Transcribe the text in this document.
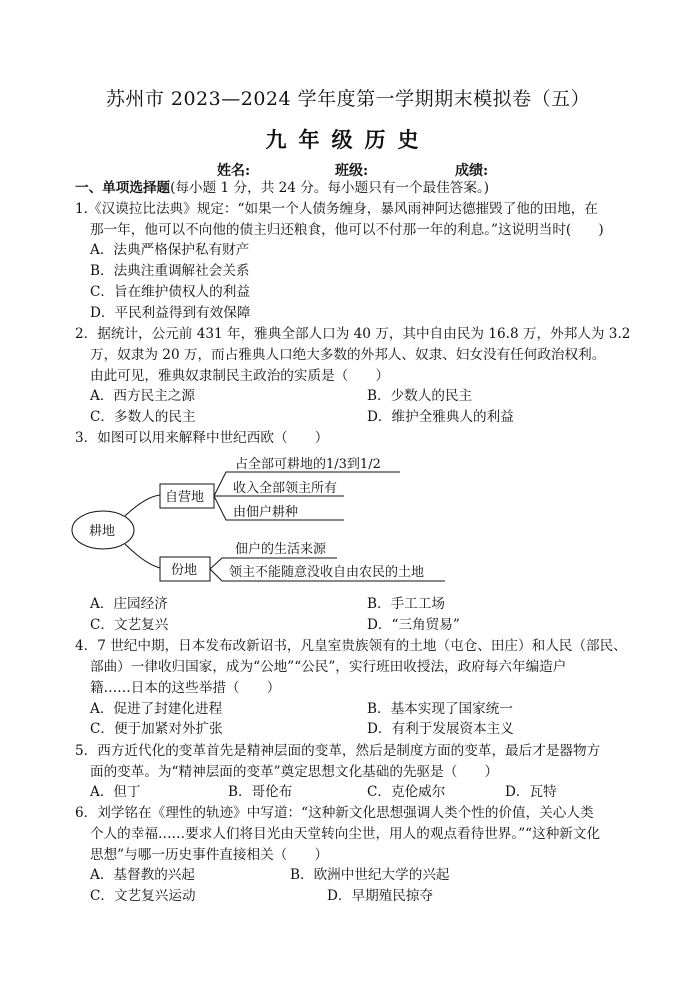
苏州市 2023—2024 学年度第一学期期末模拟卷（五）
九年级历史
姓名:	班级:	成绩:
一、单项选择题(每小题 1 分，共 24 分。每小题只有一个最佳答案。)
1.《汉谟拉比法典》规定：“如果一个人债务缠身，暴风雨神阿达德摧毁了他的田地，在
那一年，他可以不向他的债主归还粮食，他可以不付那一年的利息。”这说明当时(　　)
A．法典严格保护私有财产
B．法典注重调解社会关系
C．旨在维护债权人的利益
D．平民利益得到有效保障
2．据统计，公元前 431 年，雅典全部人口为 40 万，其中自由民为 16.8 万，外邦人为 3.2
万，奴隶为 20 万，而占雅典人口绝大多数的外邦人、奴隶、妇女没有任何政治权利。
由此可见，雅典奴隶制民主政治的实质是（　　）
A．西方民主之源	B．少数人的民主
C．多数人的民主	D．维护全雅典人的利益
3．如图可以用来解释中世纪西欧（　　）
耕地
自营地
份地
占全部可耕地的1/3到1/2
收入全部领主所有
由佃户耕种
佃户的生活来源
领主不能随意没收自由农民的土地
A．庄园经济	B．手工工场
C．文艺复兴	D．“三角贸易”
4．7 世纪中期，日本发布改新诏书，凡皇室贵族领有的土地（屯仓、田庄）和人民（部民、
部曲）一律收归国家，成为“公地”“公民”，实行班田收授法，政府每六年编造户
籍……日本的这些举措（　　）
A．促进了封建化进程	B．基本实现了国家统一
C．便于加紧对外扩张	D．有利于发展资本主义
5．西方近代化的变革首先是精神层面的变革，然后是制度方面的变革，最后才是器物方
面的变革。为“精神层面的变革”奠定思想文化基础的先驱是（　　）
A．但丁	B．哥伦布	C．克伦威尔	D．瓦特
6．刘学铭在《理性的轨迹》中写道：“这种新文化思想强调人类个性的价值，关心人类
个人的幸福……要求人们将目光由天堂转向尘世，用人的观点看待世界。”“这种新文化
思想”与哪一历史事件直接相关（　　）
A．基督教的兴起	B．欧洲中世纪大学的兴起
C．文艺复兴运动	D．早期殖民掠夺
